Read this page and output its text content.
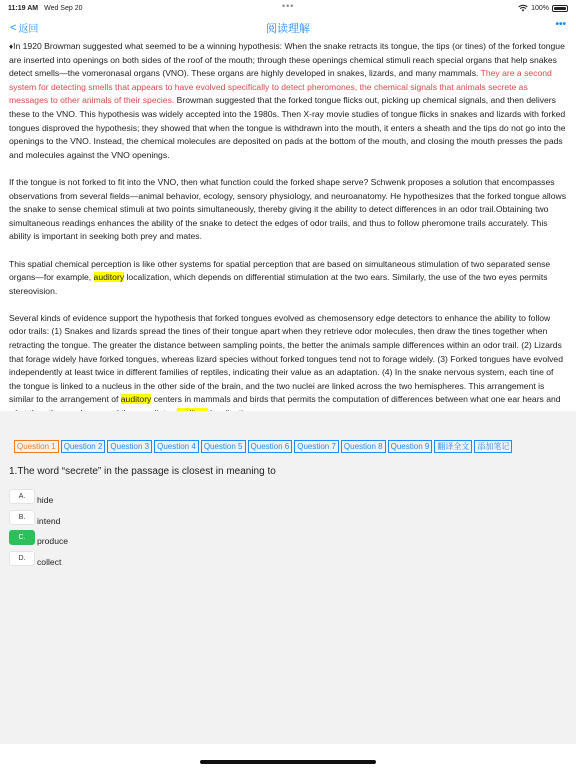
11:19 AM Wed Sep 20	•••	100%
< 返回	阅读理解	•••

♦In 1920 Browman suggested what seemed to be a winning hypothesis: When the snake retracts its tongue, the tips (or tines) of the forked tongue are inserted into openings on both sides of the roof of the mouth; through these openings chemical stimuli reach special organs that help snakes detect smells—the vomeronasal organs (VNO). These organs are highly developed in snakes, lizards, and many mammals. They are a second system for detecting smells that appears to have evolved specifically to detect pheromones, the chemical signals that animals secrete as messages to other animals of their species. Browman suggested that the forked tongue flicks out, picking up chemical signals, and then delivers these to the VNO. This hypothesis was widely accepted into the 1980s. Then X-ray movie studies of tongue flicks in snakes and lizards with forked tongues disproved the hypothesis; they showed that when the tongue is withdrawn into the mouth, it enters a sheath and the tips do not go into the openings to the VNO. Instead, the chemical molecules are deposited on pads at the bottom of the mouth, and closing the mouth presses the pads and molecules against the VNO openings.

If the tongue is not forked to fit into the VNO, then what function could the forked shape serve? Schwenk proposes a solution that encompasses observations from several fields—animal behavior, ecology, sensory physiology, and neuroanatomy. He hypothesizes that the forked tongue allows the snake to sense chemical stimuli at two points simultaneously, thereby giving it the ability to detect differences in an odor trail.Obtaining two simultaneous readings enhances the ability of the snake to detect the edges of odor trails, and thus to follow pheromone trails accurately. This ability is important in seeking both prey and mates.

This spatial chemical perception is like other systems for spatial perception that are based on simultaneous stimulation of two separated sense organs—for example, auditory localization, which depends on differential stimulation at the two ears. Similarly, the use of the two eyes permits stereovision.

Several kinds of evidence support the hypothesis that forked tongues evolved as chemosensory edge detectors to enhance the ability to follow odor trails: (1) Snakes and lizards spread the tines of their tongue apart when they retrieve odor molecules, then draw the tines together when retracting the tongue. The greater the distance between sampling points, the better the animals sample differences within an odor trail. (2) Lizards that forage widely have forked tongues, whereas lizard species without forked tongues tend not to forage widely. (3) Forked tongues have evolved independently at least twice in different families of reptiles, indicating their value as an adaptation. (4) In the snake nervous system, each tine of the tongue is linked to a nucleus in the other side of the brain, and the two nuclei are linked across the two hemispheres. This arrangement is similar to the arrangement of auditory centers in mammals and birds that permits the computation of differences between what one ear hears and

Question 1	Question 2	Question 3	Question 4	Question 5	Question 6	Question 7	Question 8	Question 9	翻译全文	添加笔记
1.The word “secrete” in the passage is closest in meaning to
A.	hide
B.	intend
C.	produce
D.	collect
